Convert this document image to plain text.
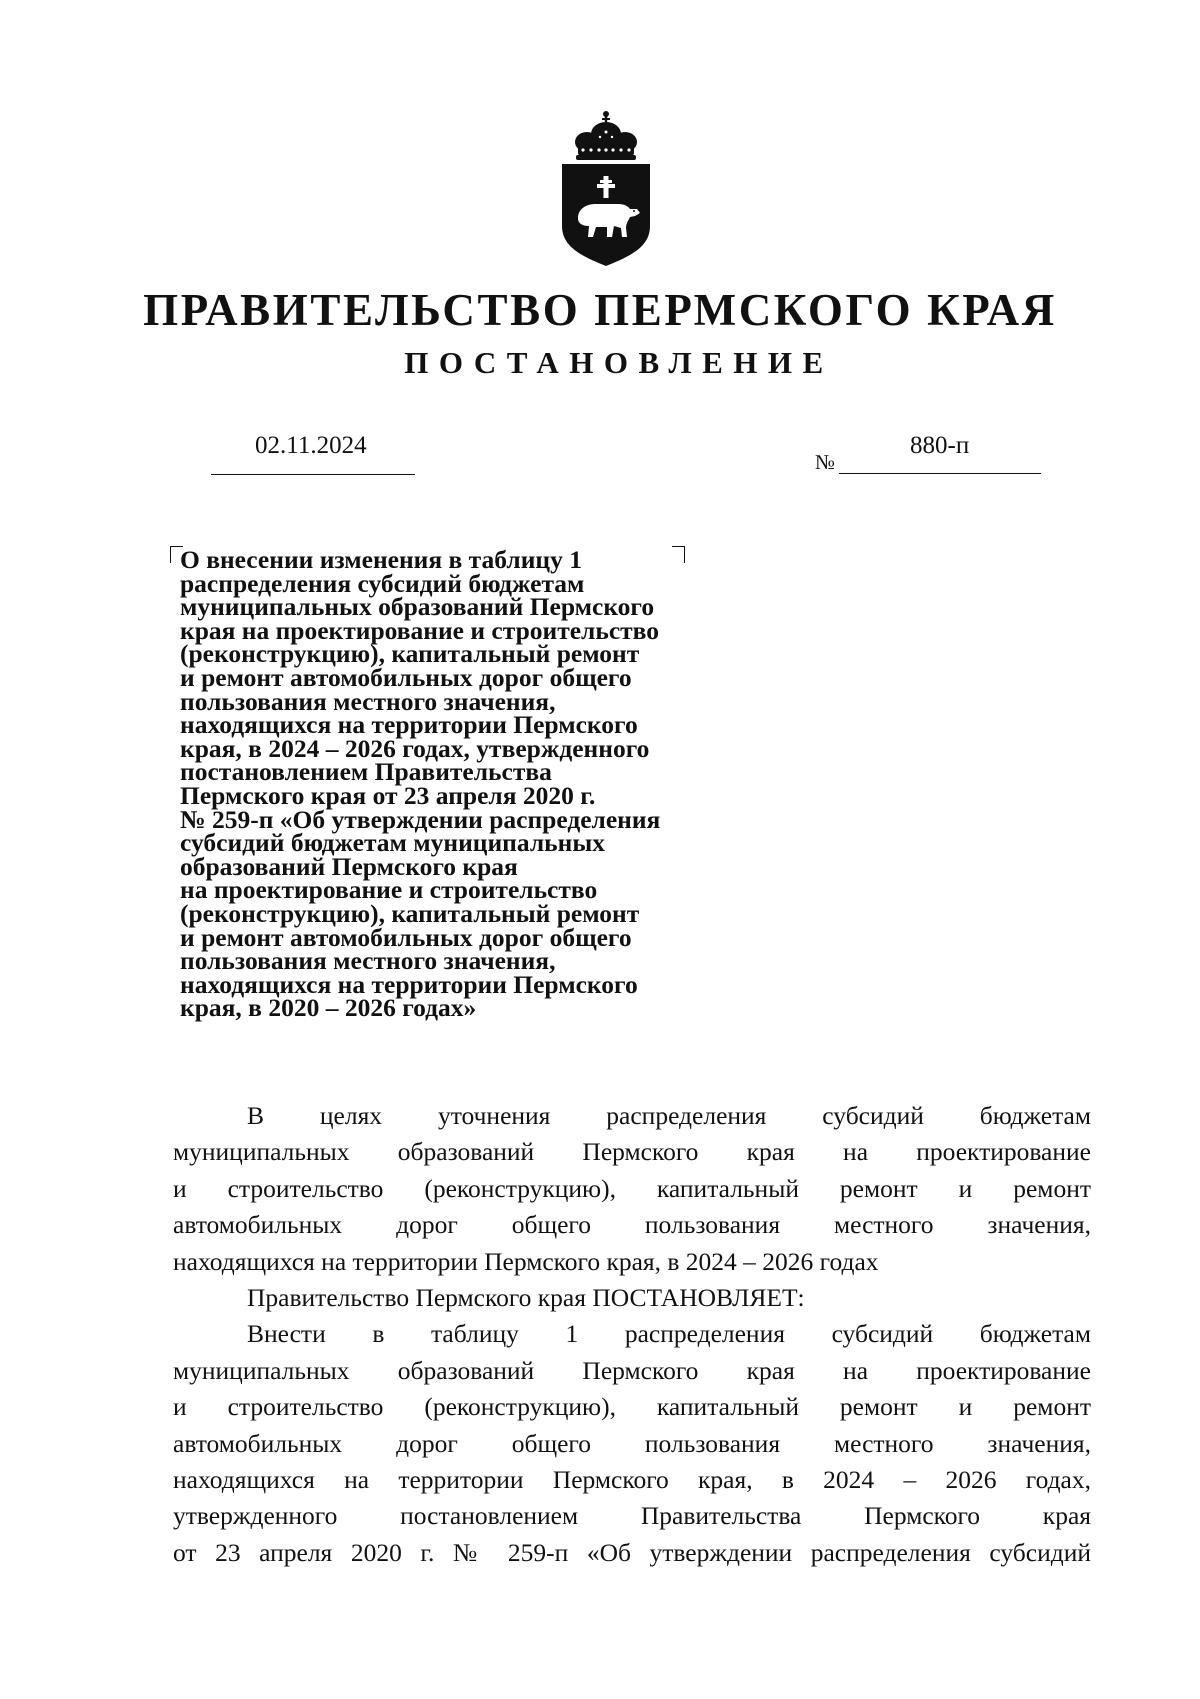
ПРАВИТЕЛЬСТВО ПЕРМСКОГО КРАЯ
ПОСТАНОВЛЕНИЕ
02.11.2024
№
880-п
О внесении изменения в таблицу 1
распределения субсидий бюджетам
муниципальных образований Пермского
края на проектирование и строительство
(реконструкцию), капитальный ремонт
и ремонт автомобильных дорог общего
пользования местного значения,
находящихся на территории Пермского
края, в 2024 – 2026 годах, утвержденного
постановлением Правительства
Пермского края от 23 апреля 2020 г.
№ 259-п «Об утверждении распределения
субсидий бюджетам муниципальных
образований Пермского края
на проектирование и строительство
(реконструкцию), капитальный ремонт
и ремонт автомобильных дорог общего
пользования местного значения,
находящихся на территории Пермского
края, в 2020 – 2026 годах»
В целях уточнения распределения субсидий бюджетам
муниципальных образований Пермского края на проектирование
и строительство (реконструкцию), капитальный ремонт и ремонт
автомобильных дорог общего пользования местного значения,
находящихся на территории Пермского края, в 2024 – 2026 годах
Правительство Пермского края ПОСТАНОВЛЯЕТ:
Внести в таблицу 1 распределения субсидий бюджетам
муниципальных образований Пермского края на проектирование
и строительство (реконструкцию), капитальный ремонт и ремонт
автомобильных дорог общего пользования местного значения,
находящихся на территории Пермского края, в 2024 – 2026 годах,
утвержденного постановлением Правительства Пермского края
от 23 апреля 2020 г. № 259-п «Об утверждении распределения субсидий
